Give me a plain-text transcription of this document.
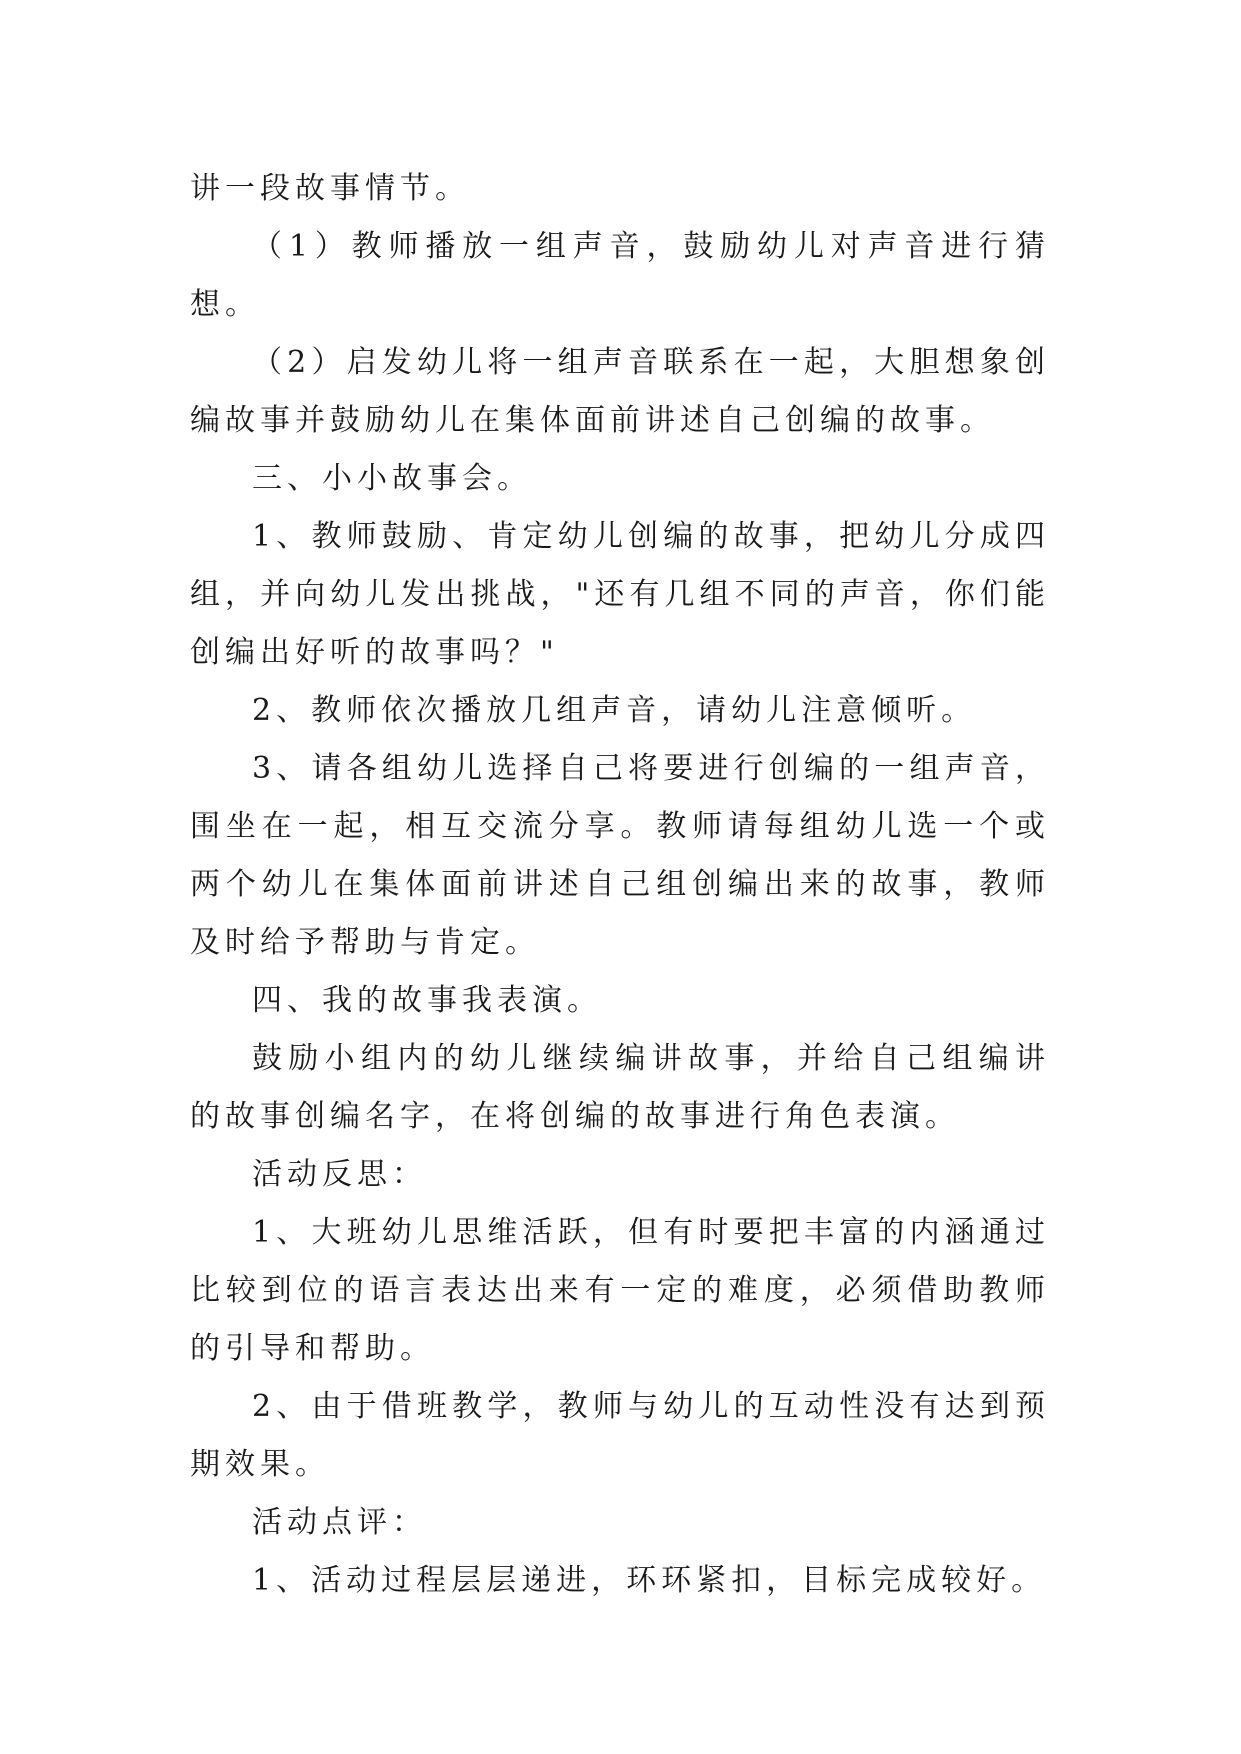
讲一段故事情节。

（1）教师播放一组声音，鼓励幼儿对声音进行猜想。

（2）启发幼儿将一组声音联系在一起，大胆想象创编故事并鼓励幼儿在集体面前讲述自己创编的故事。

三、小小故事会。

1、教师鼓励、肯定幼儿创编的故事，把幼儿分成四组，并向幼儿发出挑战，"还有几组不同的声音，你们能创编出好听的故事吗？"

2、教师依次播放几组声音，请幼儿注意倾听。

3、请各组幼儿选择自己将要进行创编的一组声音，围坐在一起，相互交流分享。教师请每组幼儿选一个或两个幼儿在集体面前讲述自己组创编出来的故事，教师及时给予帮助与肯定。

四、我的故事我表演。

鼓励小组内的幼儿继续编讲故事，并给自己组编讲的故事创编名字，在将创编的故事进行角色表演。

活动反思：

1、大班幼儿思维活跃，但有时要把丰富的内涵通过比较到位的语言表达出来有一定的难度，必须借助教师的引导和帮助。

2、由于借班教学，教师与幼儿的互动性没有达到预期效果。

活动点评：

1、活动过程层层递进，环环紧扣，目标完成较好。
